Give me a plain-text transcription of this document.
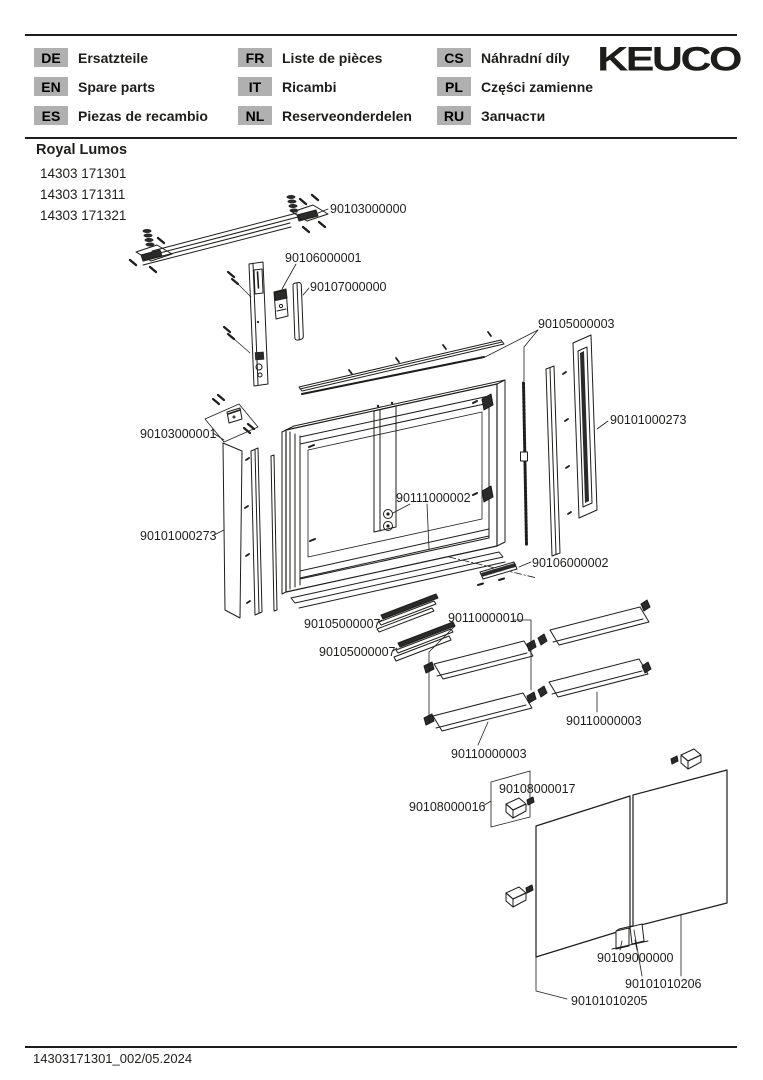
DE	Ersatzteile
EN	Spare parts
ES	Piezas de recambio
FR	Liste de pièces
IT	Ricambi
NL	Reserveonderdelen
CS	Náhradní díly
PL	Części zamienne
RU	Запчасти
KEUCO
Royal Lumos
14303 171301
14303 171311
14303 171321	90103000000
90106000001
90107000000
90105000003
90101000273
90103000001
90101000273
90111000002
90106000002
90110000010
90105000007
90105000007
90110000003
90110000003
90108000017
90108000016
90109000000
90101010206
90101010205
14303171301_002/05.2024
